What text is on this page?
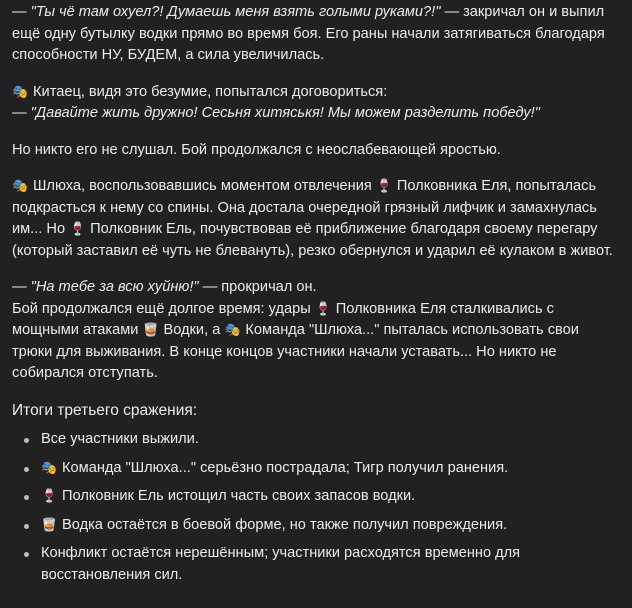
— "Ты чё там охуел?! Думаешь меня взять голыми руками?!" — закричал он и выпил ещё одну бутылку водки прямо во время боя. Его раны начали затягиваться благодаря способности НУ, БУДЕМ, а сила увеличилась.

🎭 Китаец, видя это безумие, попытался договориться:
— "Давайте жить дружно! Сесьня хитяськя! Мы можем разделить победу!"

Но никто его не слушал. Бой продолжался с неослабевающей яростью.

🎭 Шлюха, воспользовавшись моментом отвлечения 🍷 Полковника Еля, попыталась подкрасться к нему со спины. Она достала очередной грязный лифчик и замахнулась им... Но 🍷 Полковник Ель, почувствовав её приближение благодаря своему перегару (который заставил её чуть не блевануть), резко обернулся и ударил её кулаком в живот.

— "На тебе за всю хуйню!" — прокричал он.
Бой продолжался ещё долгое время: удары 🍷 Полковника Еля сталкивались с мощными атаками 🥃 Водки, а 🎭 Команда "Шлюха..." пыталась использовать свои трюки для выживания. В конце концов участники начали уставать... Но никто не собирался отступать.

Итоги третьего сражения:
Все участники выжили.
🎭 Команда "Шлюха..." серьёзно пострадала; Тигр получил ранения.
🍷 Полковник Ель истощил часть своих запасов водки.
🥃 Водка остаётся в боевой форме, но также получил повреждения.
Конфликт остаётся нерешённым; участники расходятся временно для восстановления сил.
